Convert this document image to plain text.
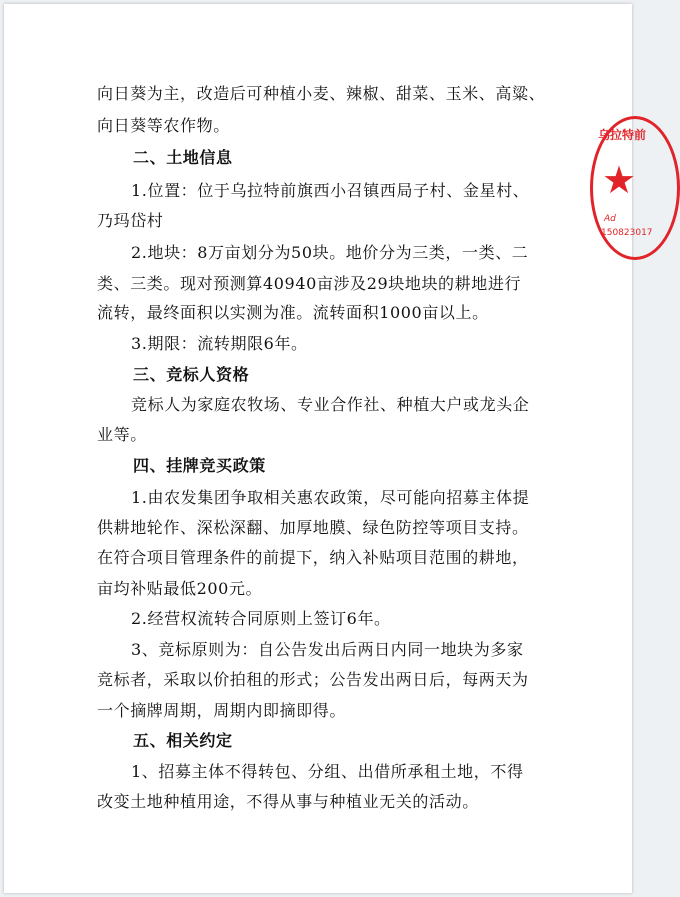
向日葵为主，改造后可种植小麦、辣椒、甜菜、玉米、高粱、
向日葵等农作物。
二、土地信息
1.位置：位于乌拉特前旗西小召镇西局子村、金星村、
乃玛岱村
2.地块：8万亩划分为50块。地价分为三类，一类、二
类、三类。现对预测算40940亩涉及29块地块的耕地进行
流转，最终面积以实测为准。流转面积1000亩以上。
3.期限：流转期限6年。
三、竞标人资格
竞标人为家庭农牧场、专业合作社、种植大户或龙头企
业等。
四、挂牌竞买政策
1.由农发集团争取相关惠农政策，尽可能向招募主体提
供耕地轮作、深松深翻、加厚地膜、绿色防控等项目支持。
在符合项目管理条件的前提下，纳入补贴项目范围的耕地，
亩均补贴最低200元。
2.经营权流转合同原则上签订6年。
3、竞标原则为：自公告发出后两日内同一地块为多家
竞标者，采取以价拍租的形式；公告发出两日后，每两天为
一个摘牌周期，周期内即摘即得。
五、相关约定
1、招募主体不得转包、分组、出借所承租土地，不得
改变土地种植用途，不得从事与种植业无关的活动。
乌拉特前
★
Ad
150823017
